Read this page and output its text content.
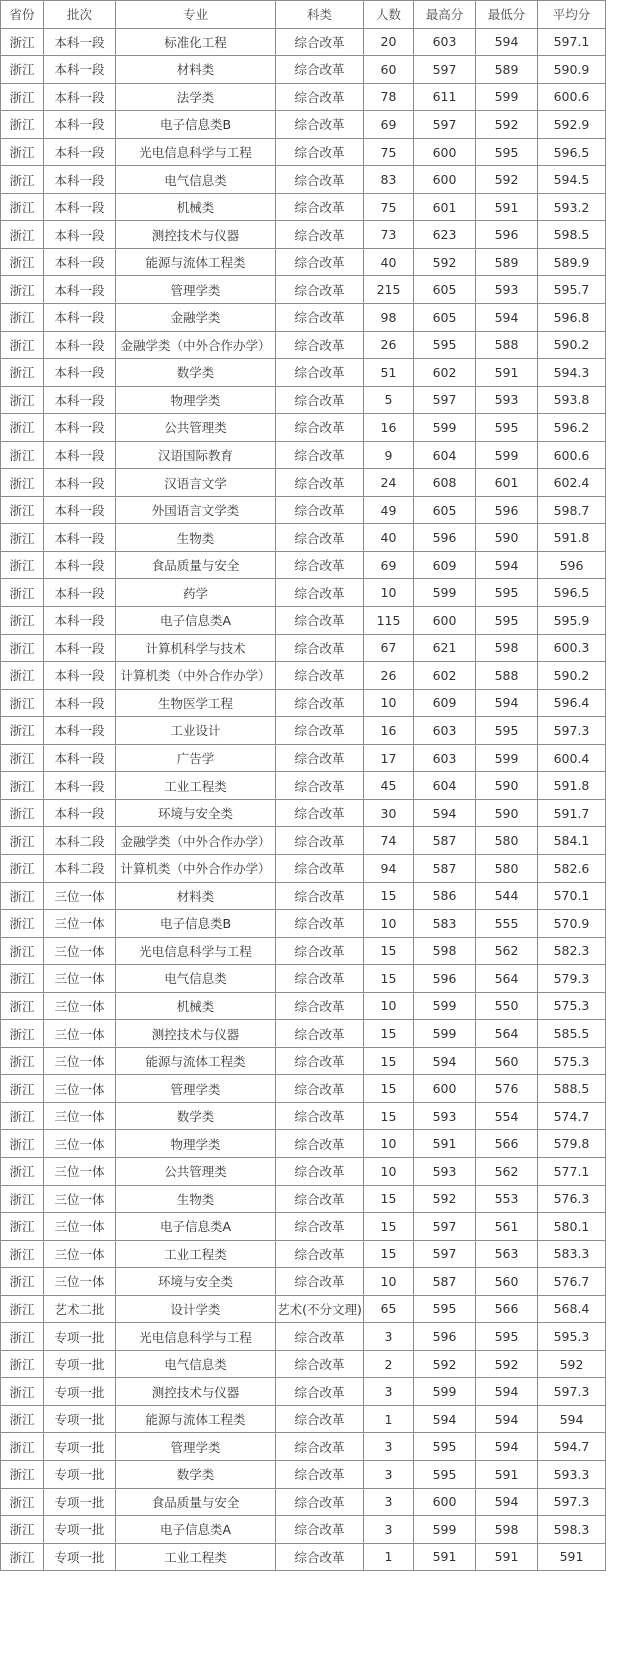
省份	批次	专业	科类	人数	最高分	最低分	平均分
浙江	本科一段	标准化工程	综合改革	20	603	594	597.1
浙江	本科一段	材料类	综合改革	60	597	589	590.9
浙江	本科一段	法学类	综合改革	78	611	599	600.6
浙江	本科一段	电子信息类B	综合改革	69	597	592	592.9
浙江	本科一段	光电信息科学与工程	综合改革	75	600	595	596.5
浙江	本科一段	电气信息类	综合改革	83	600	592	594.5
浙江	本科一段	机械类	综合改革	75	601	591	593.2
浙江	本科一段	测控技术与仪器	综合改革	73	623	596	598.5
浙江	本科一段	能源与流体工程类	综合改革	40	592	589	589.9
浙江	本科一段	管理学类	综合改革	215	605	593	595.7
浙江	本科一段	金融学类	综合改革	98	605	594	596.8
浙江	本科一段	金融学类（中外合作办学）	综合改革	26	595	588	590.2
浙江	本科一段	数学类	综合改革	51	602	591	594.3
浙江	本科一段	物理学类	综合改革	5	597	593	593.8
浙江	本科一段	公共管理类	综合改革	16	599	595	596.2
浙江	本科一段	汉语国际教育	综合改革	9	604	599	600.6
浙江	本科一段	汉语言文学	综合改革	24	608	601	602.4
浙江	本科一段	外国语言文学类	综合改革	49	605	596	598.7
浙江	本科一段	生物类	综合改革	40	596	590	591.8
浙江	本科一段	食品质量与安全	综合改革	69	609	594	596
浙江	本科一段	药学	综合改革	10	599	595	596.5
浙江	本科一段	电子信息类A	综合改革	115	600	595	595.9
浙江	本科一段	计算机科学与技术	综合改革	67	621	598	600.3
浙江	本科一段	计算机类（中外合作办学）	综合改革	26	602	588	590.2
浙江	本科一段	生物医学工程	综合改革	10	609	594	596.4
浙江	本科一段	工业设计	综合改革	16	603	595	597.3
浙江	本科一段	广告学	综合改革	17	603	599	600.4
浙江	本科一段	工业工程类	综合改革	45	604	590	591.8
浙江	本科一段	环境与安全类	综合改革	30	594	590	591.7
浙江	本科二段	金融学类（中外合作办学）	综合改革	74	587	580	584.1
浙江	本科二段	计算机类（中外合作办学）	综合改革	94	587	580	582.6
浙江	三位一体	材料类	综合改革	15	586	544	570.1
浙江	三位一体	电子信息类B	综合改革	10	583	555	570.9
浙江	三位一体	光电信息科学与工程	综合改革	15	598	562	582.3
浙江	三位一体	电气信息类	综合改革	15	596	564	579.3
浙江	三位一体	机械类	综合改革	10	599	550	575.3
浙江	三位一体	测控技术与仪器	综合改革	15	599	564	585.5
浙江	三位一体	能源与流体工程类	综合改革	15	594	560	575.3
浙江	三位一体	管理学类	综合改革	15	600	576	588.5
浙江	三位一体	数学类	综合改革	15	593	554	574.7
浙江	三位一体	物理学类	综合改革	10	591	566	579.8
浙江	三位一体	公共管理类	综合改革	10	593	562	577.1
浙江	三位一体	生物类	综合改革	15	592	553	576.3
浙江	三位一体	电子信息类A	综合改革	15	597	561	580.1
浙江	三位一体	工业工程类	综合改革	15	597	563	583.3
浙江	三位一体	环境与安全类	综合改革	10	587	560	576.7
浙江	艺术二批	设计学类	艺术(不分文理)	65	595	566	568.4
浙江	专项一批	光电信息科学与工程	综合改革	3	596	595	595.3
浙江	专项一批	电气信息类	综合改革	2	592	592	592
浙江	专项一批	测控技术与仪器	综合改革	3	599	594	597.3
浙江	专项一批	能源与流体工程类	综合改革	1	594	594	594
浙江	专项一批	管理学类	综合改革	3	595	594	594.7
浙江	专项一批	数学类	综合改革	3	595	591	593.3
浙江	专项一批	食品质量与安全	综合改革	3	600	594	597.3
浙江	专项一批	电子信息类A	综合改革	3	599	598	598.3
浙江	专项一批	工业工程类	综合改革	1	591	591	591
